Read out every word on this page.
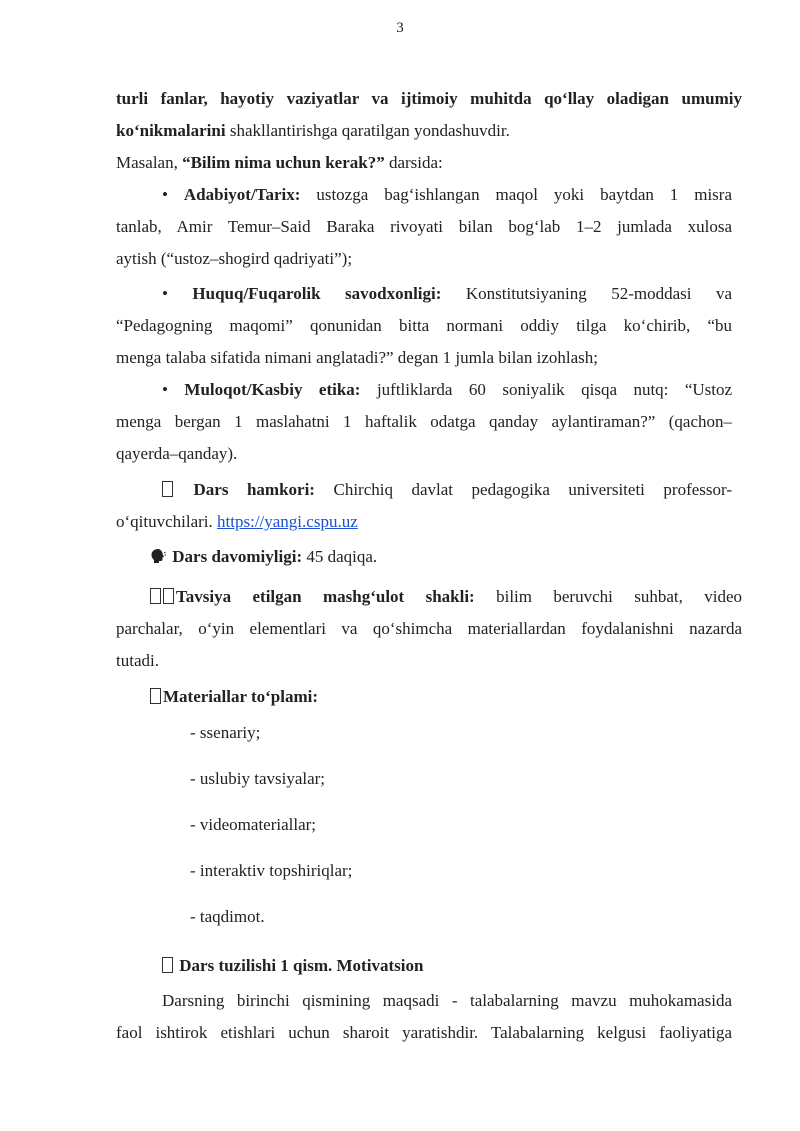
3
turli fanlar, hayotiy vaziyatlar va ijtimoiy muhitda qo‘llay oladigan umumiy
ko‘nikmalarini shakllantirishga qaratilgan yondashuvdir.
Masalan, “Bilim nima uchun kerak?” darsida:
• Adabiyot/Tarix: ustozga bag‘ishlangan maqol yoki baytdan 1 misra
tanlab, Amir Temur–Said Baraka rivoyati bilan bog‘lab 1–2 jumlada xulosa
aytish (“ustoz–shogird qadriyati”);
• Huquq/Fuqarolik savodxonligi: Konstitutsiyaning 52-moddasi va
“Pedagogning maqomi” qonunidan bitta normani oddiy tilga ko‘chirib, “bu
menga talaba sifatida nimani anglatadi?” degan 1 jumla bilan izohlash;
• Muloqot/Kasbiy etika: juftliklarda 60 soniyalik qisqa nutq: “Ustoz
menga bergan 1 maslahatni 1 haftalik odatga qanday aylantiraman?” (qachon–
qayerda–qanday).
Dars hamkori: Chirchiq davlat pedagogika universiteti professor-
o‘qituvchilari. https://yangi.cspu.uz
Dars davomiyligi: 45 daqiqa.
Tavsiya etilgan mashg‘ulot shakli: bilim beruvchi suhbat, video
parchalar, o‘yin elementlari va qo‘shimcha materiallardan foydalanishni nazarda
tutadi.
Materiallar to‘plami:
- ssenariy;
- uslubiy tavsiyalar;
- videomateriallar;
- interaktiv topshiriqlar;
- taqdimot.
Dars tuzilishi 1 qism. Motivatsion
Darsning birinchi qismining maqsadi - talabalarning mavzu muhokamasida
faol ishtirok etishlari uchun sharoit yaratishdir. Talabalarning kelgusi faoliyatiga
